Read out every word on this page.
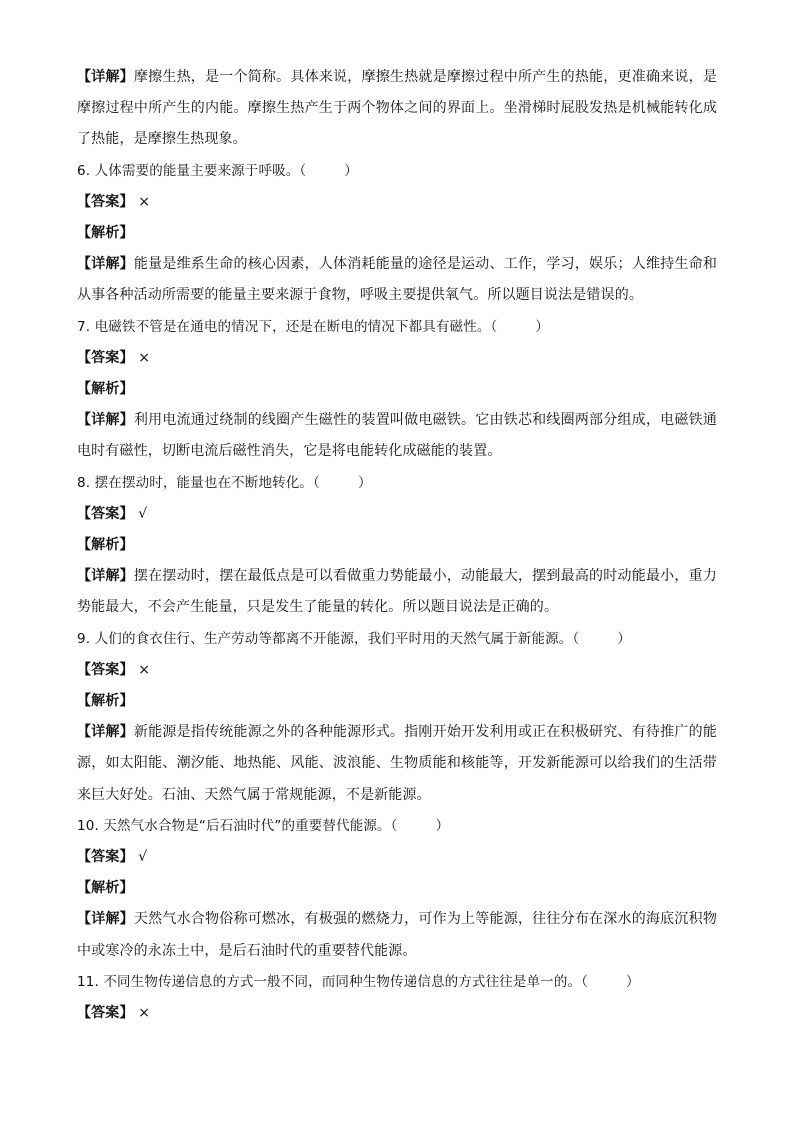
【详解】摩擦生热，是一个简称。具体来说，摩擦生热就是摩擦过程中所产生的热能，更准确来说，是摩擦过程中所产生的内能。摩擦生热产生于两个物体之间的界面上。坐滑梯时屁股发热是机械能转化成了热能，是摩擦生热现象。

6. 人体需要的能量主要来源于呼吸。（	）

【答案】 ×

【解析】

【详解】能量是维系生命的核心因素，人体消耗能量的途径是运动、工作，学习，娱乐；人维持生命和从事各种活动所需要的能量主要来源于食物，呼吸主要提供氧气。所以题目说法是错误的。

7. 电磁铁不管是在通电的情况下，还是在断电的情况下都具有磁性。（	）

【答案】 ×

【解析】

【详解】利用电流通过绕制的线圈产生磁性的装置叫做电磁铁。它由铁芯和线圈两部分组成，电磁铁通电时有磁性，切断电流后磁性消失，它是将电能转化成磁能的装置。

8. 摆在摆动时，能量也在不断地转化。（	）

【答案】 √

【解析】

【详解】摆在摆动时，摆在最低点是可以看做重力势能最小，动能最大，摆到最高的时动能最小，重力势能最大，不会产生能量，只是发生了能量的转化。所以题目说法是正确的。

9. 人们的食衣住行、生产劳动等都离不开能源，我们平时用的天然气属于新能源。（	）

【答案】 ×

【解析】

【详解】新能源是指传统能源之外的各种能源形式。指刚开始开发利用或正在积极研究、有待推广的能源，如太阳能、潮汐能、地热能、风能、波浪能、生物质能和核能等，开发新能源可以给我们的生活带来巨大好处。石油、天然气属于常规能源，不是新能源。

10. 天然气水合物是“后石油时代”的重要替代能源。（	）

【答案】 √

【解析】

【详解】天然气水合物俗称可燃冰，有极强的燃烧力，可作为上等能源，往往分布在深水的海底沉积物中或寒冷的永冻土中，是后石油时代的重要替代能源。

11. 不同生物传递信息的方式一般不同，而同种生物传递信息的方式往往是单一的。（	）

【答案】 ×
